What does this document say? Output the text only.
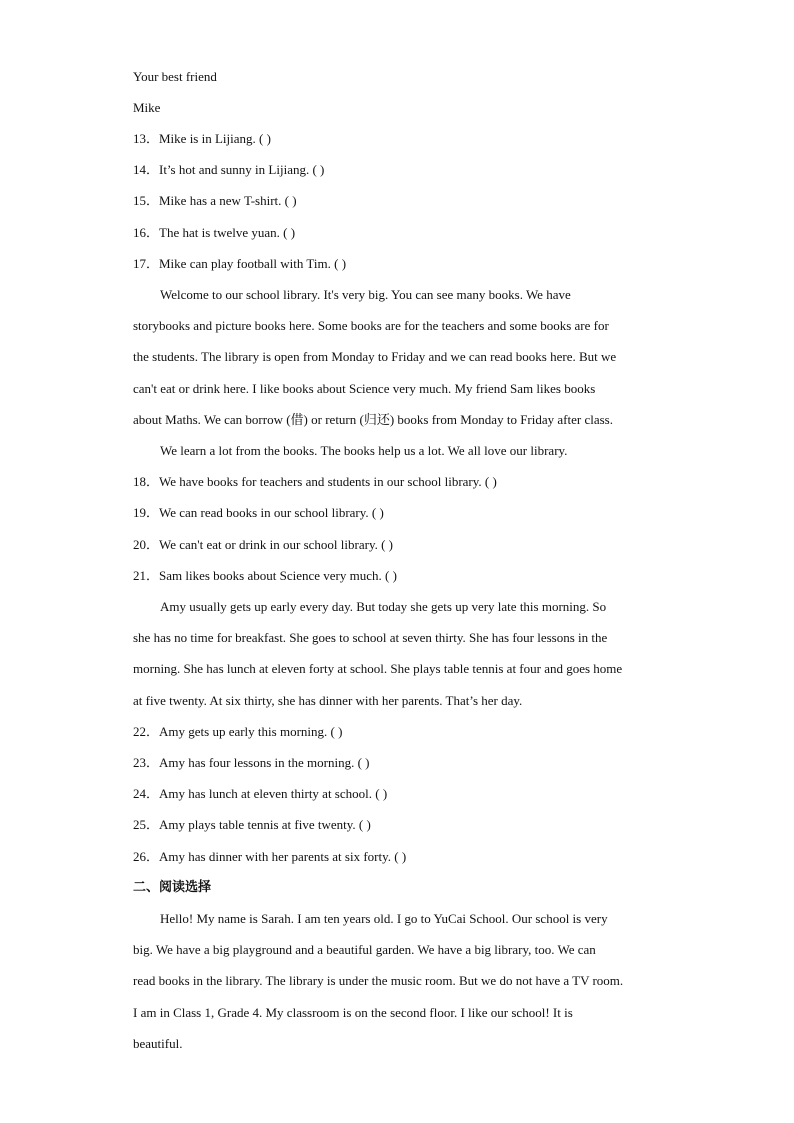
Your best friend
Mike
13．Mike is in Lijiang. ( )
14．It’s hot and sunny in Lijiang. ( )
15．Mike has a new T-shirt. ( )
16．The hat is twelve yuan. ( )
17．Mike can play football with Tim. ( )
Welcome to our school library. It's very big. You can see many books. We have
storybooks and picture books here. Some books are for the teachers and some books are for
the students. The library is open from Monday to Friday and we can read books here. But we
can't eat or drink here. I like books about Science very much. My friend Sam likes books
about Maths. We can borrow (借) or return (归还) books from Monday to Friday after class.
We learn a lot from the books. The books help us a lot. We all love our library.
18．We have books for teachers and students in our school library. ( )
19．We can read books in our school library. ( )
20．We can't eat or drink in our school library. ( )
21．Sam likes books about Science very much. ( )
Amy usually gets up early every day. But today she gets up very late this morning. So
she has no time for breakfast. She goes to school at seven thirty. She has four lessons in the
morning. She has lunch at eleven forty at school. She plays table tennis at four and goes home
at five twenty. At six thirty, she has dinner with her parents. That’s her day.
22．Amy gets up early this morning. ( )
23．Amy has four lessons in the morning. ( )
24．Amy has lunch at eleven thirty at school. ( )
25．Amy plays table tennis at five twenty. ( )
26．Amy has dinner with her parents at six forty. ( )
二、阅读选择
Hello! My name is Sarah. I am ten years old. I go to YuCai School. Our school is very
big. We have a big playground and a beautiful garden. We have a big library, too. We can
read books in the library. The library is under the music room. But we do not have a TV room.
I am in Class 1, Grade 4. My classroom is on the second floor. I like our school! It is
beautiful.
